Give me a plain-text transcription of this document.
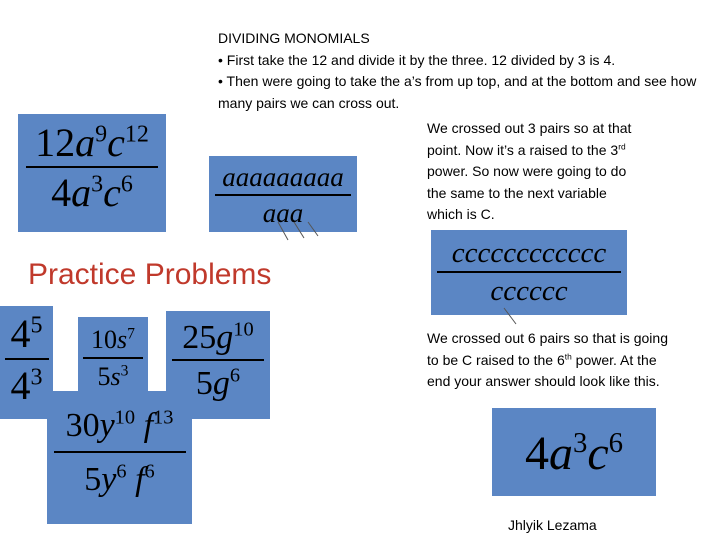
DIVIDING MONOMIALS
• First take the 12 and divide it by the three. 12 divided by 3 is 4.
• Then were going to take the a’s from up top, and at the bottom and see how many pairs we can cross out.
We crossed out 3 pairs so at that
point. Now it’s a raised to the 3rd
power. So now were going to do
the same to the next variable
which is C.
We crossed out 6 pairs so that is going
to be C raised to the 6th power. At the
end your answer should look like this.
$12a^9c^{12}$
$4a^3c^6$	aaaaaaaaa
aaa
cccccccccccc
cccccc
Practice Problems
$4^5$
$4^3$
$10s^7$
$5s^3$
$25g^{10}$
$5g^6$
$30y^{10}$ $f^{13}$
$5y^6$ $f^6$	$4a^3c^6$
Jhlyik Lezama
